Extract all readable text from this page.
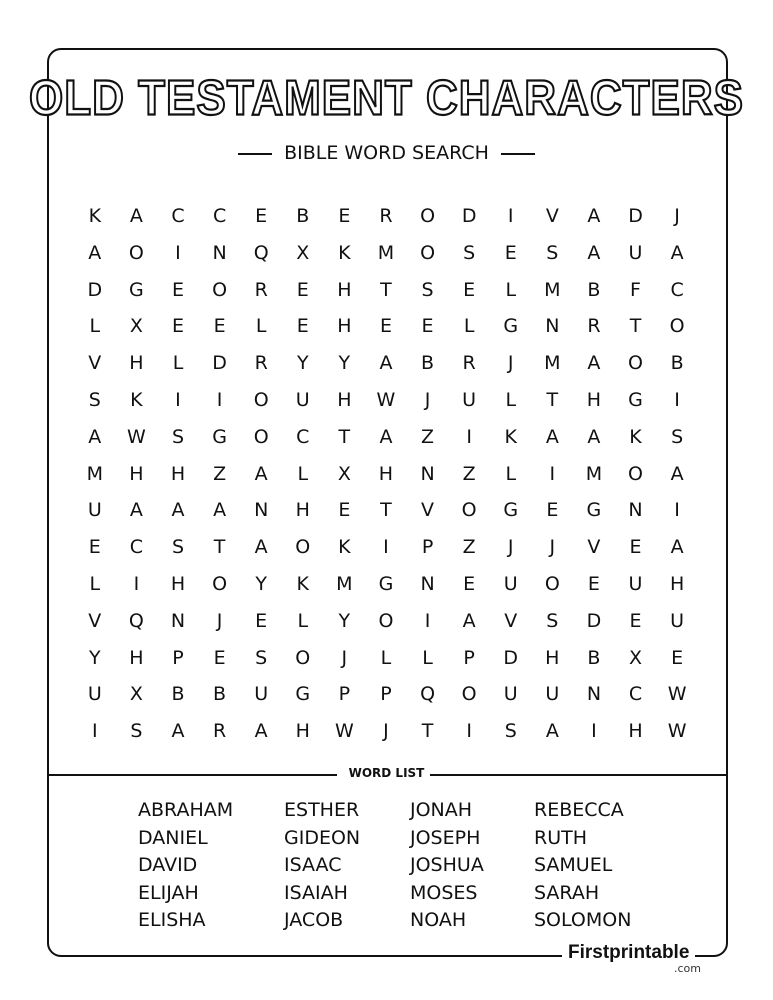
OLD TESTAMENT CHARACTERS
BIBLE WORD SEARCH
K	A	C	C	E	B	E	R	O	D	I	V	A	D	J
A	O	I	N	Q	X	K	M	O	S	E	S	A	U	A
D	G	E	O	R	E	H	T	S	E	L	M	B	F	C
L	X	E	E	L	E	H	E	E	L	G	N	R	T	O
V	H	L	D	R	Y	Y	A	B	R	J	M	A	O	B
S	K	I	I	O	U	H	W	J	U	L	T	H	G	I
A	W	S	G	O	C	T	A	Z	I	K	A	A	K	S
M	H	H	Z	A	L	X	H	N	Z	L	I	M	O	A
U	A	A	A	N	H	E	T	V	O	G	E	G	N	I
E	C	S	T	A	O	K	I	P	Z	J	J	V	E	A
L	I	H	O	Y	K	M	G	N	E	U	O	E	U	H
V	Q	N	J	E	L	Y	O	I	A	V	S	D	E	U
Y	H	P	E	S	O	J	L	L	P	D	H	B	X	E
U	X	B	B	U	G	P	P	Q	O	U	U	N	C	W
I	S	A	R	A	H	W	J	T	I	S	A	I	H	W
WORD LIST
ABRAHAM
DANIEL
DAVID
ELIJAH
ELISHA
ESTHER
GIDEON
ISAAC
ISAIAH
JACOB
JONAH
JOSEPH
JOSHUA
MOSES
NOAH
REBECCA
RUTH
SAMUEL
SARAH
SOLOMON
Firstprintable
.com
